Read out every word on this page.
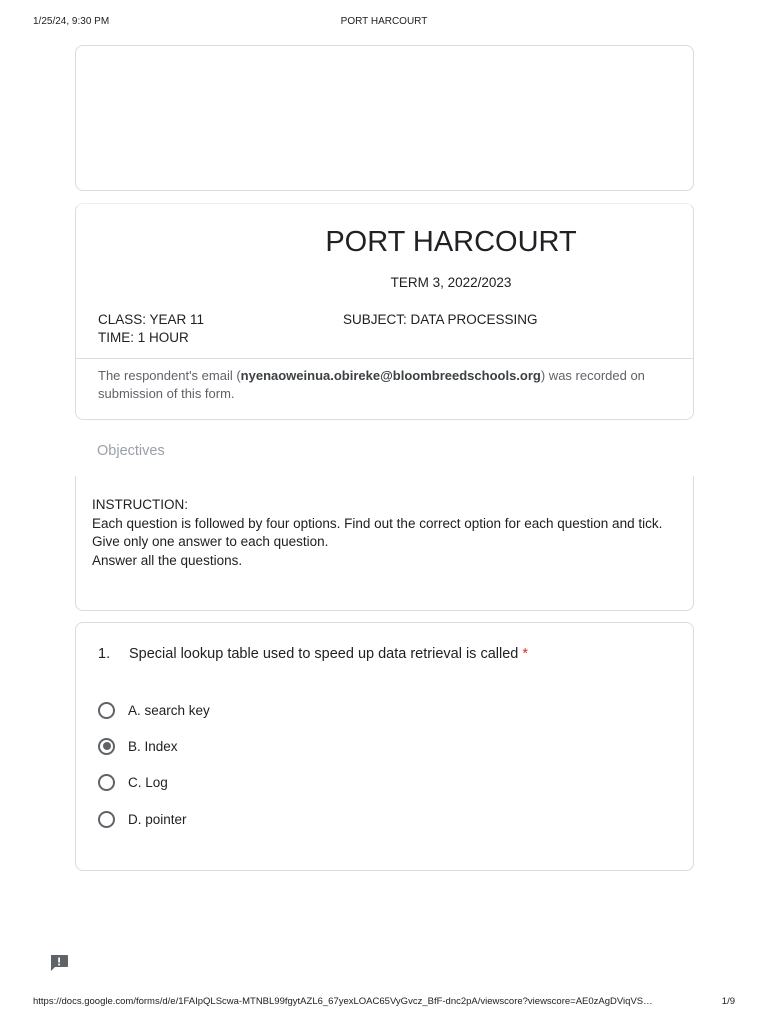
1/25/24, 9:30 PM	PORT HARCOURT
PORT HARCOURT
TERM 3, 2022/2023
CLASS: YEAR 11
TIME: 1 HOUR
SUBJECT: DATA PROCESSING
The respondent's email (nyenaoweinua.obireke@bloombreedschools.org) was recorded on submission of this form.
Objectives
INSTRUCTION:
Each question is followed by four options. Find out the correct option for each question and tick.
Give only one answer to each question.
Answer all the questions.
1. Special lookup table used to speed up data retrieval is called *
A. search key
B. Index
C. Log
D. pointer
https://docs.google.com/forms/d/e/1FAIpQLScwa-MTNBL99fgytAZL6_67yexLOAC65VyGvcz_BfF-dnc2pA/viewscore?viewscore=AE0zAgDViqVS…	1/9
